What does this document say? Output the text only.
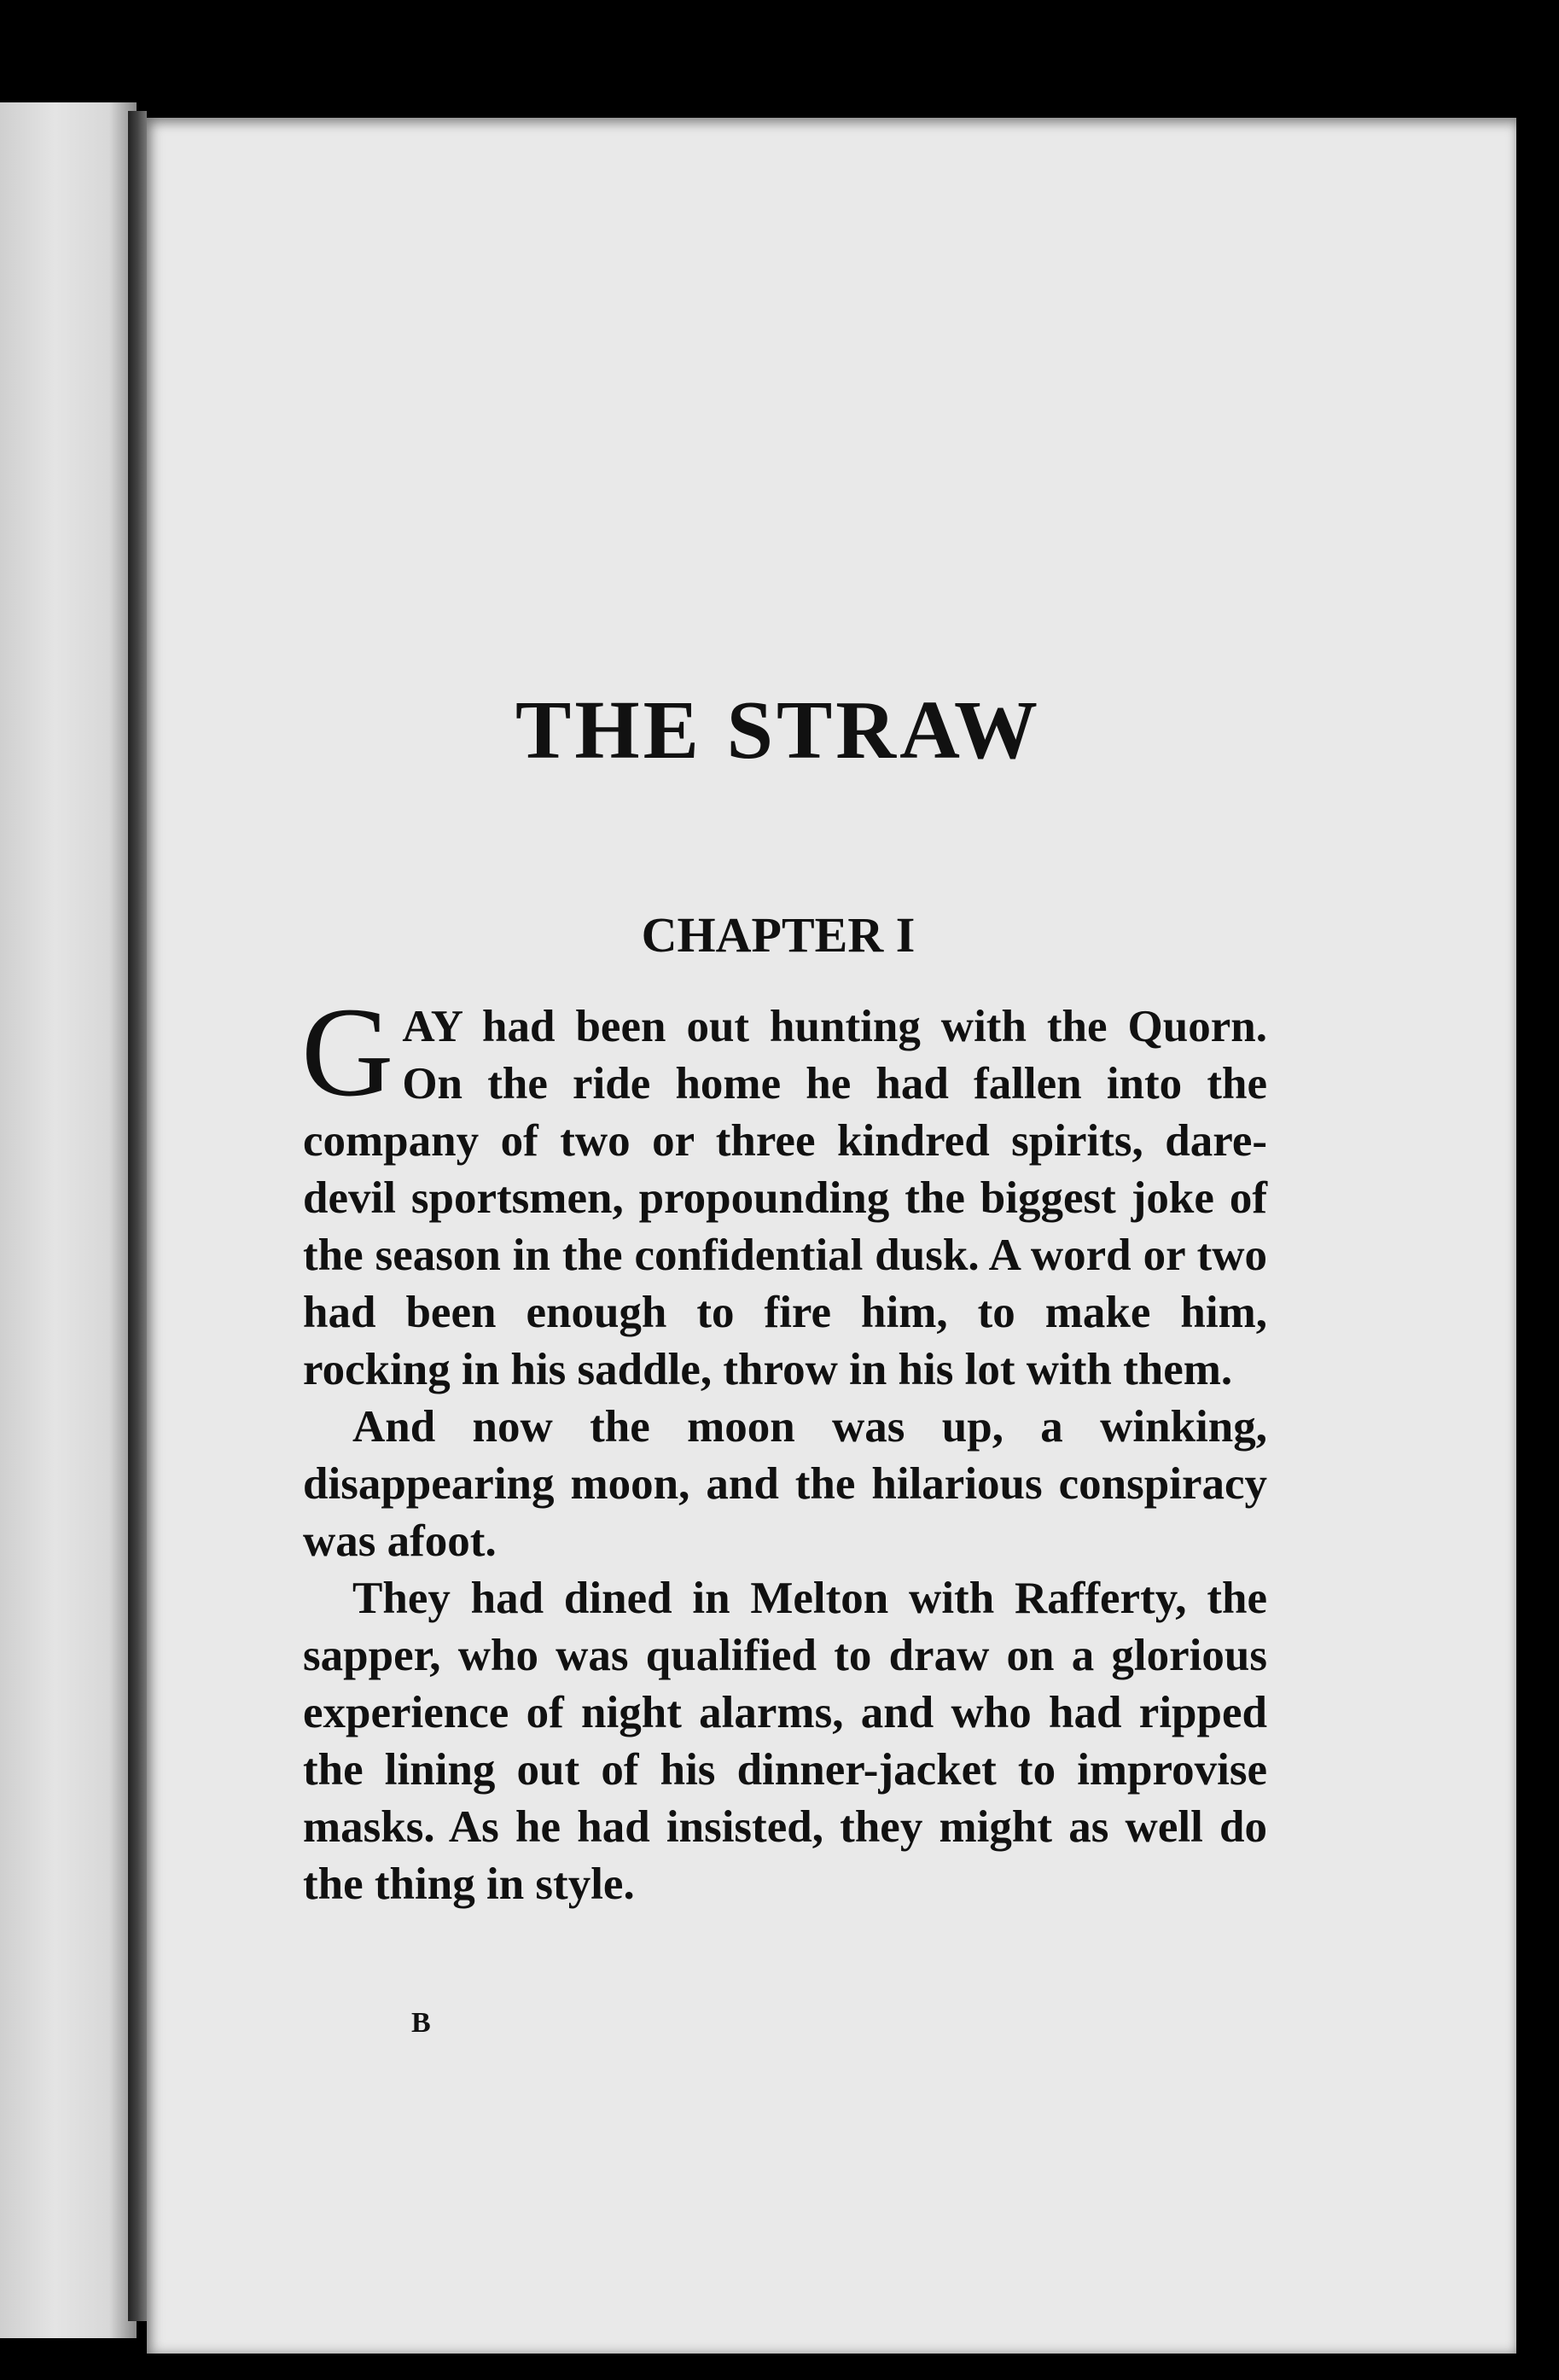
THE STRAW
CHAPTER I

GAY had been out hunting with the Quorn. On the ride home he had fallen into the company of two or three kindred spirits, dare-devil sportsmen, propounding the biggest joke of the season in the confidential dusk. A word or two had been enough to fire him, to make him, rocking in his saddle, throw in his lot with them.

And now the moon was up, a winking, disappearing moon, and the hilarious conspiracy was afoot.

They had dined in Melton with Rafferty, the sapper, who was qualified to draw on a glorious experience of night alarms, and who had ripped the lining out of his dinner-jacket to improvise masks. As he had insisted, they might as well do the thing in style.

B
